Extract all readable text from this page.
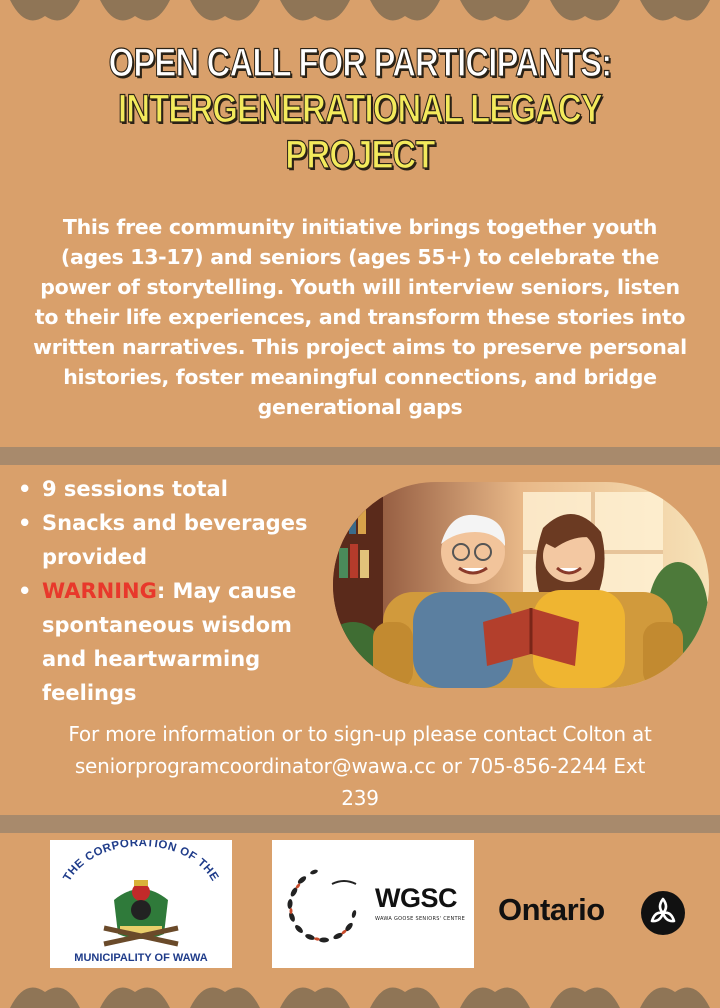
OPEN CALL FOR PARTICIPANTS:
INTERGENERATIONAL LEGACY
PROJECT
This free community initiative brings together youth (ages 13-17) and seniors (ages 55+) to celebrate the power of storytelling. Youth will interview seniors, listen to their life experiences, and transform these stories into written narratives. This project aims to preserve personal histories, foster meaningful connections, and bridge generational gaps
• 9 sessions total
• Snacks and beverages provided
• WARNING: May cause spontaneous wisdom and heartwarming feelings
For more information or to sign-up please contact Colton at
seniorprogramcoordinator@wawa.cc or 705-856-2244 Ext
239
THE CORPORATION OF THE
MUNICIPALITY OF WAWA
WGSC
WAWA GOOSE SENIORS' CENTRE Ontario
